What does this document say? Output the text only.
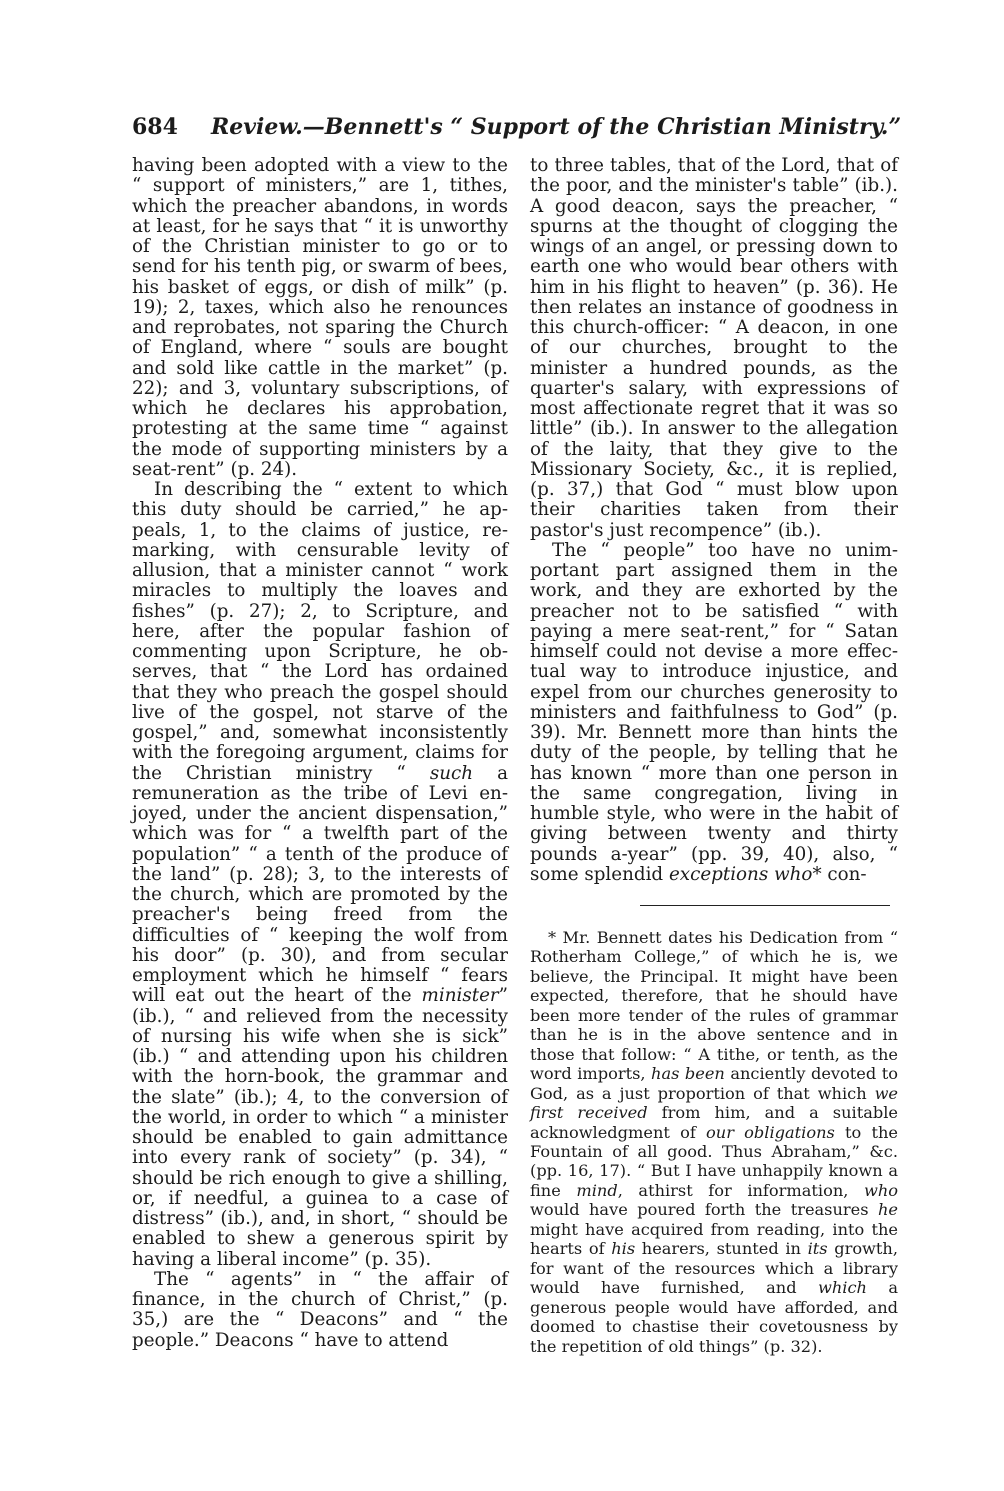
684 Review.—Bennett's “ Support of the Christian Ministry.”

having been adopted with a view to the “ support of ministers,” are 1, tithes, which the preacher abandons, in words at least, for he says that “ it is unworthy of the Christian minister to go or to send for his tenth pig, or swarm of bees, his basket of eggs, or dish of milk” (p. 19); 2, taxes, which also he renounces and reprobates, not sparing the Church of England, where “ souls are bought and sold like cattle in the market” (p. 22); and 3, voluntary subscriptions, of which he declares his approbation, protesting at the same time “ against the mode of supporting ministers by a seat-rent” (p. 24).

In describing the “ extent to which this duty should be carried,” he appeals, 1, to the claims of justice, remarking, with censurable levity of allusion, that a minister cannot “ work miracles to multiply the loaves and fishes” (p. 27); 2, to Scripture, and here, after the popular fashion of commenting upon Scripture, he observes, that “ the Lord has ordained that they who preach the gospel should live of the gospel, not starve of the gospel,” and, somewhat inconsistently with the foregoing argument, claims for the Christian ministry “ such a remuneration as the tribe of Levi enjoyed, under the ancient dispensation,” which was for “ a twelfth part of the population” “ a tenth of the produce of the land” (p. 28); 3, to the interests of the church, which are promoted by the preacher's being freed from the difficulties of “ keeping the wolf from his door” (p. 30), and from secular employment which he himself “ fears will eat out the heart of the minister” (ib.), “ and relieved from the necessity of nursing his wife when she is sick” (ib.) “ and attending upon his children with the horn-book, the grammar and the slate” (ib.); 4, to the conversion of the world, in order to which “ a minister should be enabled to gain admittance into every rank of society” (p. 34), “ should be rich enough to give a shilling, or, if needful, a guinea to a case of distress” (ib.), and, in short, “ should be enabled to shew a generous spirit by having a liberal income” (p. 35).

The “ agents” in “ the affair of finance, in the church of Christ,” (p. 35,) are the “ Deacons” and “ the people.” Deacons “ have to attend

to three tables, that of the Lord, that of the poor, and the minister's table” (ib.). A good deacon, says the preacher, “ spurns at the thought of clogging the wings of an angel, or pressing down to earth one who would bear others with him in his flight to heaven” (p. 36). He then relates an instance of goodness in this church-officer: “ A deacon, in one of our churches, brought to the minister a hundred pounds, as the quarter's salary, with expressions of most affectionate regret that it was so little” (ib.). In answer to the allegation of the laity, that they give to the Missionary Society, &c., it is replied, (p. 37,) that God “ must blow upon their charities taken from their pastor's just recompence” (ib.).

The “ people” too have no unimportant part assigned them in the work, and they are exhorted by the preacher not to be satisfied “ with paying a mere seat-rent,” for “ Satan himself could not devise a more effectual way to introduce injustice, and expel from our churches generosity to ministers and faithfulness to God” (p. 39). Mr. Bennett more than hints the duty of the people, by telling that he has known “ more than one person in the same congregation, living in humble style, who were in the habit of giving between twenty and thirty pounds a-year” (pp. 39, 40), also, “ some splendid exceptions who* con-

* Mr. Bennett dates his Dedication from “ Rotherham College,” of which he is, we believe, the Principal. It might have been expected, therefore, that he should have been more tender of the rules of grammar than he is in the above sentence and in those that follow: “ A tithe, or tenth, as the word imports, has been anciently devoted to God, as a just proportion of that which we first received from him, and a suitable acknowledgment of our obligations to the Fountain of all good. Thus Abraham,” &c. (pp. 16, 17). “ But I have unhappily known a fine mind, athirst for information, who would have poured forth the treasures he might have acquired from reading, into the hearts of his hearers, stunted in its growth, for want of the resources which a library would have furnished, and which a generous people would have afforded, and doomed to chastise their covetousness by the repetition of old things” (p. 32).
